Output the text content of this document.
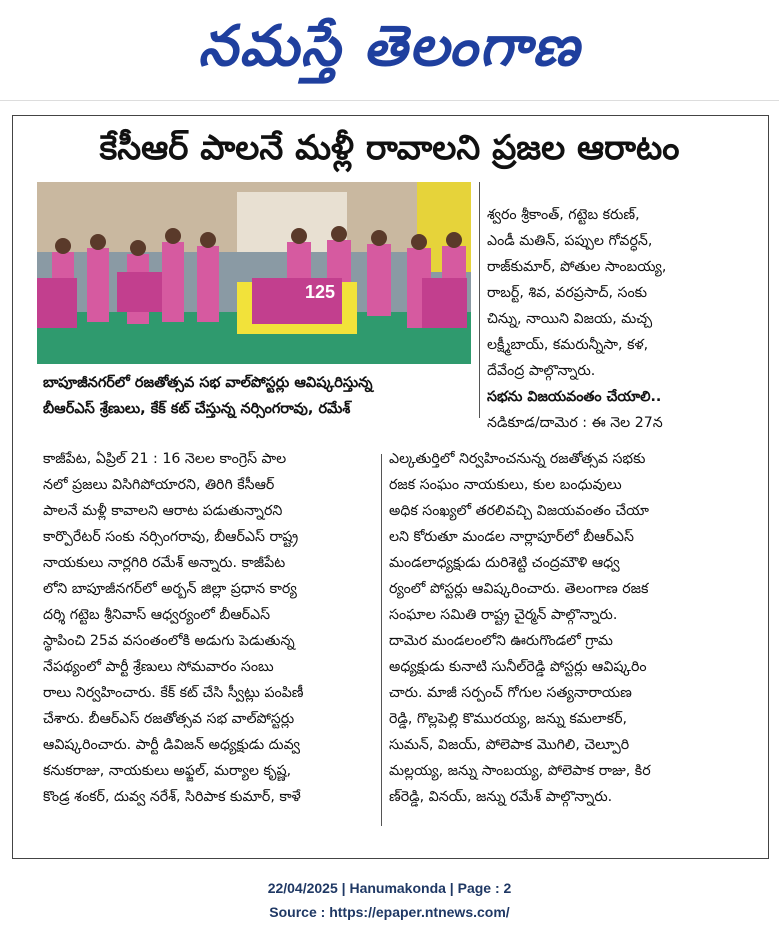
నమస్తే తెలంగాణ
కేసీఆర్ పాలనే మళ్లీ రావాలని ప్రజల ఆరాటం
125
శ్వరం శ్రీకాంత్, గట్టెబ కరుణ్,
ఎండీ మతిన్, పప్పుల గోవర్ధన్,
రాజ్‌కుమార్, పోతుల సాంబయ్య,
రాబర్ట్, శివ, వరప్రసాద్, సంకు
చిన్ను, నాయిని విజయ, మచ్చ
లక్ష్మీబాయ్, కమరున్నీసా, కళ,
దేవేంద్ర పాల్గొన్నారు.
సభను విజయవంతం చేయాలి..
నడికూడ/దామెర : ఈ నెల 27న
బాపూజీనగర్‌లో రజతోత్సవ సభ వాల్‌పోస్టర్లు ఆవిష్కరిస్తున్న
బీఆర్ఎస్ శ్రేణులు, కేక్ కట్ చేస్తున్న నర్సింగరావు, రమేశ్
కాజీపేట, ఏప్రిల్ 21 : 16 నెలల కాంగ్రెస్ పాల
నలో ప్రజలు విసిగిపోయారని, తిరిగి కేసీఆర్
పాలనే మళ్లీ కావాలని ఆరాట పడుతున్నారని
కార్పొరేటర్ సంకు నర్సింగరావు, బీఆర్ఎస్ రాష్ట్ర
నాయకులు నార్లగిరి రమేశ్ అన్నారు. కాజీపేట
లోని బాపూజీనగర్‌లో అర్బన్ జిల్లా ప్రధాన కార్య
దర్శి గట్టెబ శ్రీనివాస్ ఆధ్వర్యంలో బీఆర్ఎస్
స్థాపించి 25వ వసంతంలోకి అడుగు పెడుతున్న
నేపథ్యంలో పార్టీ శ్రేణులు సోమవారం సంబు
రాలు నిర్వహించారు. కేక్ కట్ చేసి స్వీట్లు పంపిణీ
చేశారు. బీఆర్ఎస్ రజతోత్సవ సభ వాల్‌పోస్టర్లు
ఆవిష్కరించారు. పార్టీ డివిజన్ అధ్యక్షుడు దువ్వ
కనుకరాజు, నాయకులు అఫ్జల్, మర్యాల కృష్ణ,
కొండ్ర శంకర్, దువ్వ నరేశ్, సిరిపాక కుమార్, కాళే
ఎల్కతుర్తిలో నిర్వహించనున్న రజతోత్సవ సభకు
రజక సంఘం నాయకులు, కుల బంధువులు
అధిక సంఖ్యలో తరలివచ్చి విజయవంతం చేయా
లని కోరుతూ మండల నార్లాపూర్‌లో బీఆర్ఎస్
మండలాధ్యక్షుడు దురిశెట్టి చంద్రమౌళి ఆధ్వ
ర్యంలో పోస్టర్లు ఆవిష్కరించారు. తెలంగాణ రజక
సంఘాల సమితి రాష్ట్ర చైర్మన్ పాల్గొన్నారు.
దామెర మండలంలోని ఊరుగొండలో గ్రామ
అధ్యక్షుడు కునాటి సునీల్‌రెడ్డి పోస్టర్లు ఆవిష్కరిం
చారు. మాజీ సర్పంచ్ గోగుల సత్యనారాయణ
రెడ్డి, గొల్లపెల్లి కొమురయ్య, జన్ను కమలాకర్,
సుమన్, విజయ్, పోలెపాక మొగిలి, చెల్పూరి
మల్లయ్య, జన్ను సాంబయ్య, పోలెపాక రాజు, కిర
ణ్‌రెడ్డి, వినయ్, జన్ను రమేశ్ పాల్గొన్నారు.
22/04/2025 | Hanumakonda | Page : 2
Source : https://epaper.ntnews.com/
